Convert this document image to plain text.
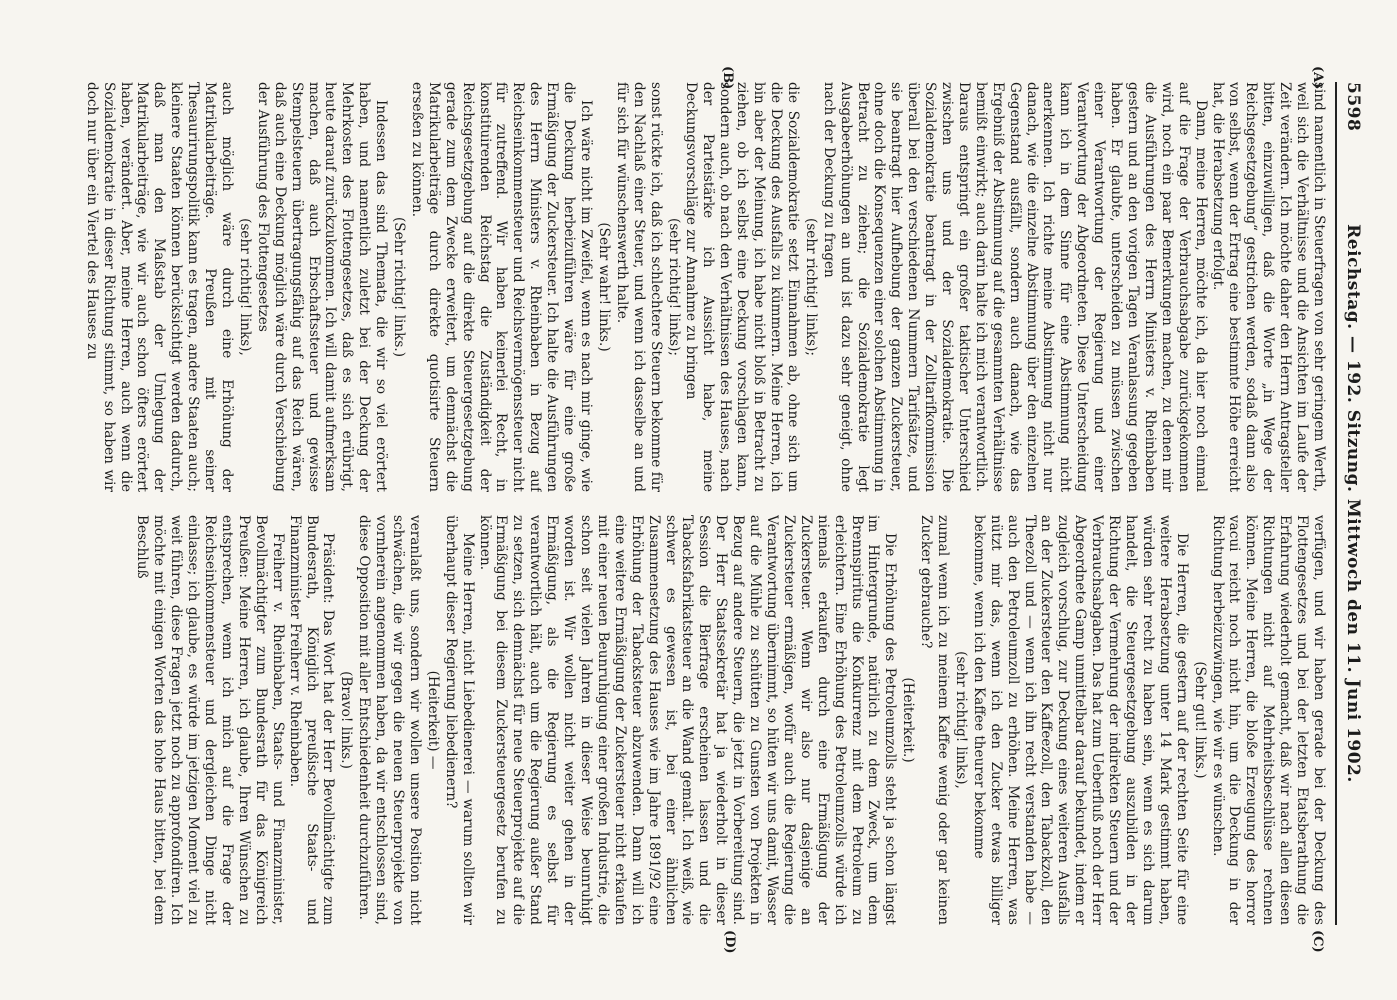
5598
Reichstag. — 192. Sitzung. Mittwoch den 11. Juni 1902.
(A)
(B)
(C)
(D)

sind namentlich in Steuerfragen von sehr geringem Werth, weil sich die Verhältnisse und die Ansichten im Laufe der Zeit verändern. Ich möchte daher den Herrn Antragsteller bitten, einzuwilligen, daß die Worte „in Wege der Reichsgesetzgebung“ gestrichen werden, sodaß dann also von selbst, wenn der Ertrag eine bestimmte Höhe erreicht hat, die Herabsetzung erfolgt.

Dann, meine Herren, möchte ich, da hier noch einmal auf die Frage der Verbrauchsabgabe zurückgekommen wird, noch ein paar Bemerkungen machen, zu denen mir die Ausführungen des Herrn Ministers v. Rheinbaben gestern und an den vorigen Tagen Veranlassung gegeben haben. Er glaubte, unterscheiden zu müssen zwischen einer Verantwortung der Regierung und einer Verantwortung der Abgeordneten. Diese Unterscheidung kann ich in dem Sinne für eine Abstimmung nicht anerkennen. Ich richte meine Abstimmung nicht nur danach, wie die einzelne Abstimmung über den einzelnen Gegenstand ausfällt, sondern auch danach, wie das Ergebniß der Abstimmung auf die gesammten Verhältnisse bemißt einwirkt; auch darin halte ich mich verantwortlich. Daraus entspringt ein großer taktischer Unterschied zwischen uns und der Sozialdemokratie. Die Sozialdemokratie beantragt in der Zolltarifkommission überall bei den verschiedenen Nummern Tarifsätze, und sie beantragt hier Aufhebung der ganzen Zuckersteuer, ohne doch die Konsequenzen einer solchen Abstimmung in Betracht zu ziehen; die Sozialdemokratie legt Ausgabeerhöhungen an und ist dazu sehr geneigt, ohne nach der Deckung zu fragen

(sehr richtig! links);

die Sozialdemokratie setzt Einnahmen ab, ohne sich um die Deckung des Ausfalls zu kümmern. Meine Herren, ich bin aber der Meinung, ich habe nicht bloß in Betracht zu ziehen, ob ich selbst eine Deckung vorschlagen kann, sondern auch, ob nach den Verhältnissen des Hauses, nach der Parteistärke ich Aussicht habe, meine Deckungsvorschläge zur Annahme zu bringen

(sehr richtig! links);

sonst rückte ich, daß ich schlechtere Steuern bekomme für den Nachlaß einer Steuer, und wenn ich dasselbe an und für sich für wünschenswerth halte.

(Sehr wahr! links.)

Ich wäre nicht im Zweifel, wenn es nach mir ginge, wie die Deckung herbeizuführen wäre für eine große Ermäßigung der Zuckersteuer. Ich halte die Ausführungen des Herrn Ministers v. Rheinbaben in Bezug auf Reichseinkommensteuer und Reichsvermögenssteuer nicht für zutreffend. Wir haben keinerlei Recht, in konstituirenden Reichstag die Zuständigkeit der Reichsgesetzgebung auf die direkte Steuergesetzgebung gerade zum dem Zwecke erweitert, um demnächst die Matrikularbeiträge durch direkte quotisirte Steuern erseßen zu können.

(Sehr richtig! links.)

Indessen das sind Themata, die wir so viel erörtert haben, und namentlich zuletzt bei der Deckung der Mehrkosten des Flottengesetzes, daß es sich erübrigt, heute darauf zurückzukommen. Ich will damit aufmerksam machen, daß auch Erbschaftssteuer und gewisse Stempelsteuern übertragungsfähig auf das Reich wären, daß auch eine Deckung möglich wäre durch Verschiebung der Ausführung des Flottengesetzes

(sehr richtig! links),

auch möglich wäre durch eine Erhöhung der Matrikularbeiträge. Preußen mit seiner Thesaurirungspolitik kann es tragen, andere Staaten auch; kleinere Staaten können berücksichtigt werden dadurch, daß man den Maßstab der Umlegung der Matrikularbeiträge, wie wir auch schon öfters erörtert haben, verändert. Aber, meine Herren, auch wenn die Sozialdemokratie in dieser Richtung stimmt, so haben wir doch nur über ein Viertel des Hauses zu

verfügen, und wir haben gerade bei der Deckung des Flottengesetzes und bei der letzten Etatsberathung die Erfahrung wiederholt gemacht, daß wir nach allen diesen Richtungen nicht auf Mehrheitsbeschlüsse rechnen können. Meine Herren, die bloße Erzeugung des horror vacui reicht noch nicht hin, um die Deckung in der Richtung herbeizuzwingen, wie wir es wünschen.

(Sehr gut! links.)

Die Herren, die gestern auf der rechten Seite für eine weitere Herabsetzung unter 14 Mark gestimmt haben, würden sehr recht zu haben sein, wenn es sich darum handelt, die Steuergesetzgebung auszubilden in der Richtung der Vermehrung der indirekten Steuern und der Verbrauchsabgaben. Das hat zum Ueberfluß noch der Herr Abgeordnete Gamp unmittelbar darauf bekundet, indem er zugleich vorschlug, zur Deckung eines weiteren Ausfalls an der Zuckersteuer den Kaffeezoll, den Tabackzoll, den Theezoll und — wenn ich ihn recht verstanden habe — auch den Petroleumzoll zu erhöhen. Meine Herren, was nützt mir das, wenn ich den Zucker etwas billiger bekomme, wenn ich den Kaffee theurer bekomme

(sehr richtig! links),

zumal wenn ich zu meinem Kaffee wenig oder gar keinen Zucker gebrauche?

(Heiterkeit.)

Die Erhöhung des Petroleumzolls steht ja schon längst im Hintergrunde, natürlich zu dem Zweck, um dem Brennspiritus die Konkurrenz mit dem Petroleum zu erleichtern. Eine Erhöhung des Petroleumzolls würde ich niemals erkaufen durch eine Ermäßigung der Zuckersteuer. Wenn wir also nur dasjenige an Zuckersteuer ermäßigen, wofür auch die Regierung die Verantwortung übernimmt, so hüten wir uns damit, Wasser auf die Mühle zu schütten zu Gunsten von Projekten in Bezug auf andere Steuern, die jetzt in Vorbereitung sind. Der Herr Staatssekretär hat ja wiederholt in dieser Session die Bierfrage erscheinen lassen und die Tabacksfabrikatsteuer an die Wand gemalt. Ich weiß, wie schwer es gewesen ist, bei einer ähnlichen Zusammensetzung des Hauses wie im Jahre 1891/92 eine Erhöhung der Tabacksteuer abzuwenden. Dann will ich eine weitere Ermäßigung der Zuckersteuer nicht erkaufen mit einer neuen Beunruhigung einer großen Industrie, die schon seit vielen Jahren in dieser Weise beunruhigt worden ist. Wir wollen nicht weiter gehen in der Ermäßigung, als die Regierung es selbst für verantwortlich hält, auch um die Regierung außer Stand zu setzen, sich demnächst für neue Steuerprojekte auf die Ermäßigung bei diesem Zuckersteuergesetz berufen zu können.

Meine Herren, nicht Liebedienerei — warum sollten wir überhaupt dieser Regierung liebedienern?

(Heiterkeit) —

veranlaßt uns, sondern wir wollen unsere Position nicht schwächen, die wir gegen die neuen Steuerprojekte von vornherein angenommen haben, da wir entschlossen sind, diese Opposition mit aller Entschiedenheit durchzuführen.

(Bravo! links.)

Präsident: Das Wort hat der Herr Bevollmächtigte zum Bundesrath, Königlich preußische Staats- und Finanzminister Freiherr v. Rheinbaben.

Freiherr v. Rheinbaben, Staats- und Finanzminister, Bevollmächtigter zum Bundesrath für das Königreich Preußen: Meine Herren, ich glaube, Ihren Wünschen zu entsprechen, wenn ich mich auf die Frage der Reichseinkommensteuer und dergleichen Dinge nicht einlasse; ich glaube, es würde im jetzigen Moment viel zu weit führen, diese Fragen jetzt noch zu approfondiren. Ich möchte mit einigen Worten das hohe Haus bitten, bei dem Beschluß
